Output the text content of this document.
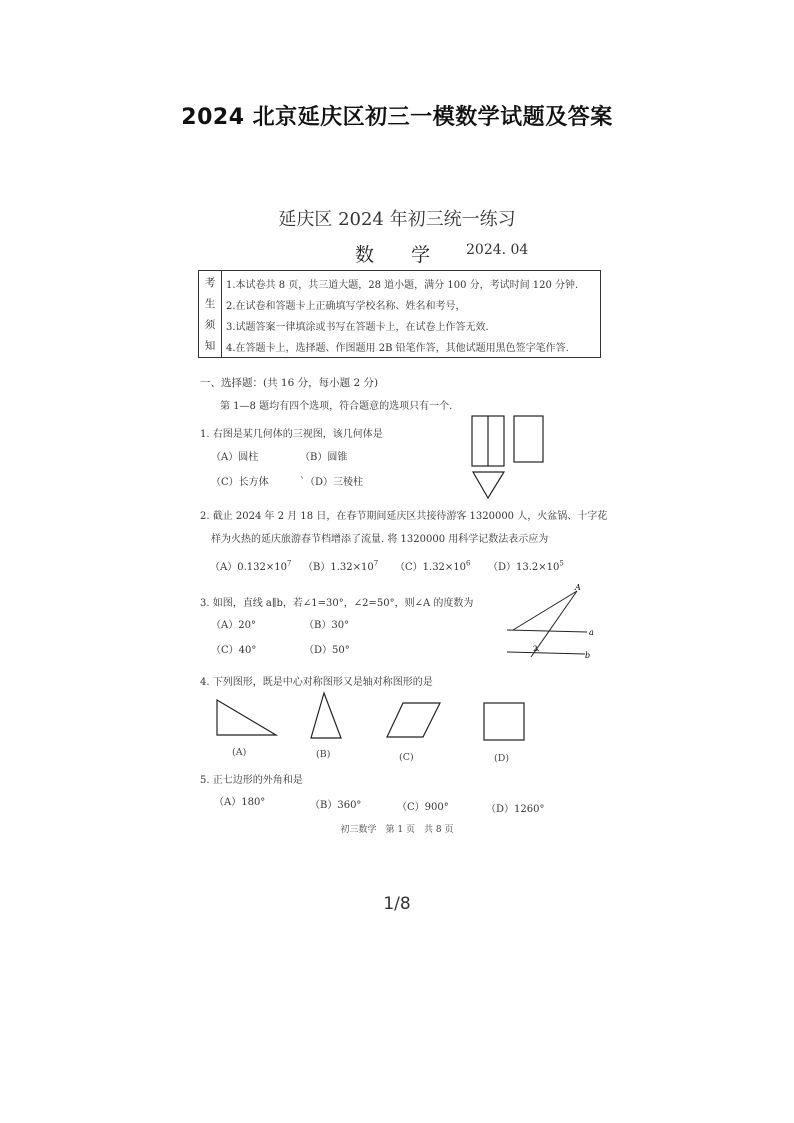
2024 北京延庆区初三一模数学试题及答案
延庆区 2024 年初三统一练习
数 学	2024. 04
考
生
须
知
1.本试卷共 8 页，共三道大题，28 道小题，满分 100 分，考试时间 120 分钟.
2.在试卷和答题卡上正确填写学校名称、姓名和考号，
3.试题答案一律填涂或书写在答题卡上，在试卷上作答无效.
4.在答题卡上，选择题、作图题用 2B 铅笔作答，其他试题用黑色签字笔作答.
一、选择题：(共 16 分，每小题 2 分)
第 1—8 题均有四个选项，符合题意的选项只有一个.
1. 右图是某几何体的三视图，该几何体是
（A）圆柱	（B）圆锥
（C）长方体	`（D）三棱柱
2. 截止 2024 年 2 月 18 日，在春节期间延庆区共接待游客 1320000 人，火盆锅、十字花
样为火热的延庆旅游春节档增添了流量. 将 1320000 用科学记数法表示应为
$(A)0.132\times 10^7$ $(B)1.32\times 10^7$ $(C)1.32\times 10^6$ $(D)13.2\times 10^5$
3. 如图，直线 a∥b，若∠1=30°，∠2=50°，则∠A 的度数为
（A）20°	（B）30°
（C）40°	（D）50°
A
a
b
2
4. 下列图形，既是中心对称图形又是轴对称图形的是
(A)	(B)	(C)	(D)
5. 正七边形的外角和是
（A）180°	（B）360°	（C）900°	（D）1260°
初三数学　第 1 页　共 8 页
1/8
